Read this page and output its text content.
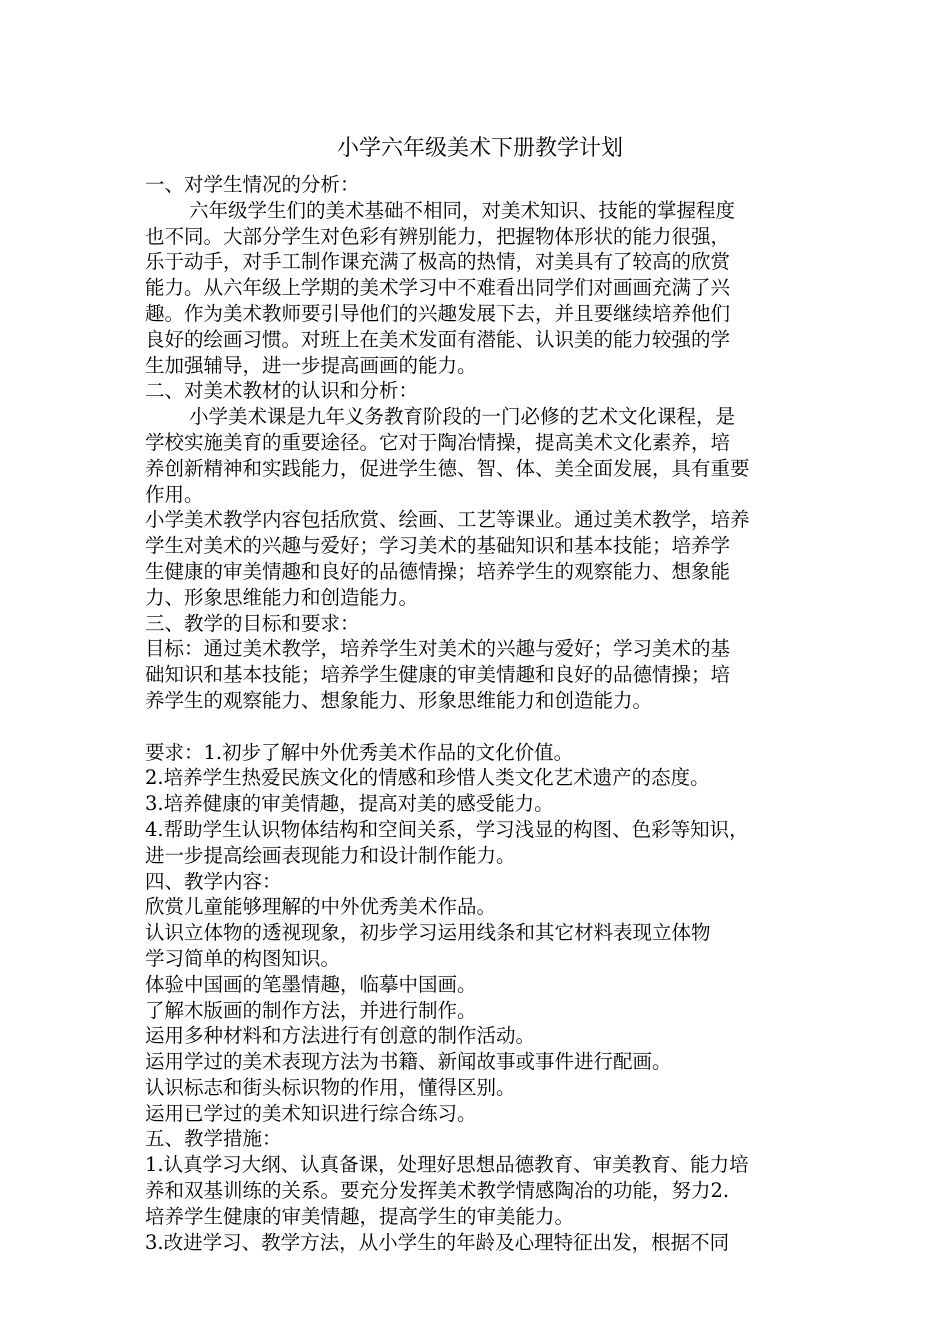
小学六年级美术下册教学计划
一、对学生情况的分析：
六年级学生们的美术基础不相同，对美术知识、技能的掌握程度
也不同。大部分学生对色彩有辨别能力，把握物体形状的能力很强，
乐于动手，对手工制作课充满了极高的热情，对美具有了较高的欣赏
能力。从六年级上学期的美术学习中不难看出同学们对画画充满了兴
趣。作为美术教师要引导他们的兴趣发展下去，并且要继续培养他们
良好的绘画习惯。对班上在美术发面有潜能、认识美的能力较强的学
生加强辅导，进一步提高画画的能力。
二、对美术教材的认识和分析：
小学美术课是九年义务教育阶段的一门必修的艺术文化课程，是
学校实施美育的重要途径。它对于陶冶情操，提高美术文化素养，培
养创新精神和实践能力，促进学生德、智、体、美全面发展，具有重要
作用。
小学美术教学内容包括欣赏、绘画、工艺等课业。通过美术教学，培养
学生对美术的兴趣与爱好；学习美术的基础知识和基本技能；培养学
生健康的审美情趣和良好的品德情操；培养学生的观察能力、想象能
力、形象思维能力和创造能力。
三、教学的目标和要求：
目标：通过美术教学，培养学生对美术的兴趣与爱好；学习美术的基
础知识和基本技能；培养学生健康的审美情趣和良好的品德情操；培
养学生的观察能力、想象能力、形象思维能力和创造能力。
要求：1.初步了解中外优秀美术作品的文化价值。
2.培养学生热爱民族文化的情感和珍惜人类文化艺术遗产的态度。
3.培养健康的审美情趣，提高对美的感受能力。
4.帮助学生认识物体结构和空间关系，学习浅显的构图、色彩等知识，
进一步提高绘画表现能力和设计制作能力。
四、教学内容：
欣赏儿童能够理解的中外优秀美术作品。
认识立体物的透视现象，初步学习运用线条和其它材料表现立体物
学习简单的构图知识。
体验中国画的笔墨情趣，临摹中国画。
了解木版画的制作方法，并进行制作。
运用多种材料和方法进行有创意的制作活动。
运用学过的美术表现方法为书籍、新闻故事或事件进行配画。
认识标志和街头标识物的作用，懂得区别。
运用已学过的美术知识进行综合练习。
五、教学措施：
1.认真学习大纲、认真备课，处理好思想品德教育、审美教育、能力培
养和双基训练的关系。要充分发挥美术教学情感陶冶的功能，努力2.
培养学生健康的审美情趣，提高学生的审美能力。
3.改进学习、教学方法，从小学生的年龄及心理特征出发，根据不同
